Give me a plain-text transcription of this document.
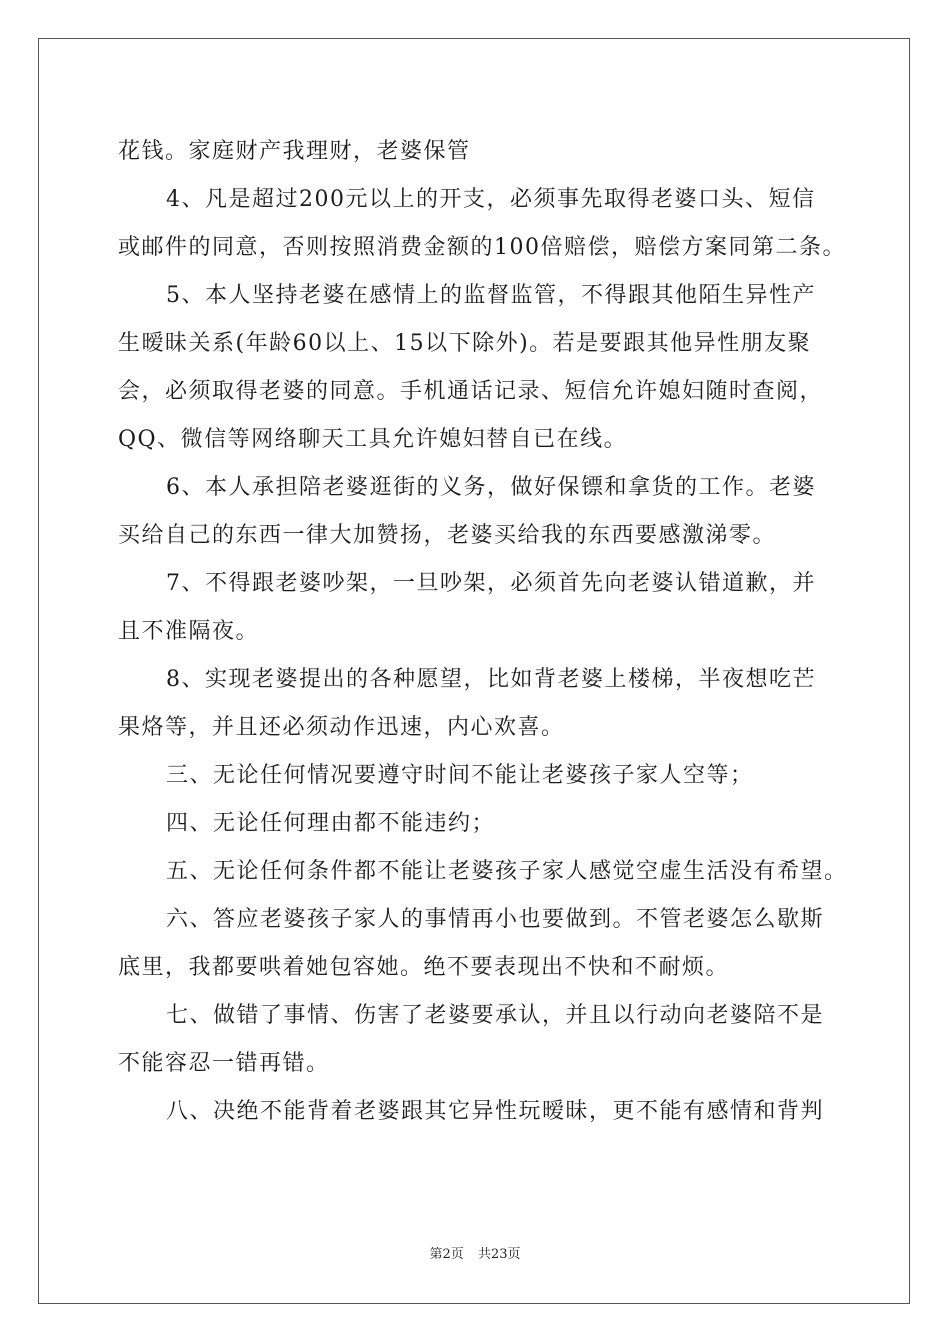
花钱。家庭财产我理财，老婆保管
4、凡是超过200元以上的开支，必须事先取得老婆口头、短信
或邮件的同意，否则按照消费金额的100倍赔偿，赔偿方案同第二条。
5、本人坚持老婆在感情上的监督监管，不得跟其他陌生异性产
生暧昧关系(年龄60以上、15以下除外)。若是要跟其他异性朋友聚
会，必须取得老婆的同意。手机通话记录、短信允许媳妇随时查阅，
QQ、微信等网络聊天工具允许媳妇替自已在线。
6、本人承担陪老婆逛街的义务，做好保镖和拿货的工作。老婆
买给自己的东西一律大加赞扬，老婆买给我的东西要感激涕零。
7、不得跟老婆吵架，一旦吵架，必须首先向老婆认错道歉，并
且不准隔夜。
8、实现老婆提出的各种愿望，比如背老婆上楼梯，半夜想吃芒
果烙等，并且还必须动作迅速，内心欢喜。
三、无论任何情况要遵守时间不能让老婆孩子家人空等；
四、无论任何理由都不能违约；
五、无论任何条件都不能让老婆孩子家人感觉空虚生活没有希望。
六、答应老婆孩子家人的事情再小也要做到。不管老婆怎么歇斯
底里，我都要哄着她包容她。绝不要表现出不快和不耐烦。
七、做错了事情、伤害了老婆要承认，并且以行动向老婆陪不是
不能容忍一错再错。
八、决绝不能背着老婆跟其它异性玩暧昧，更不能有感情和背判
第2页 共23页
